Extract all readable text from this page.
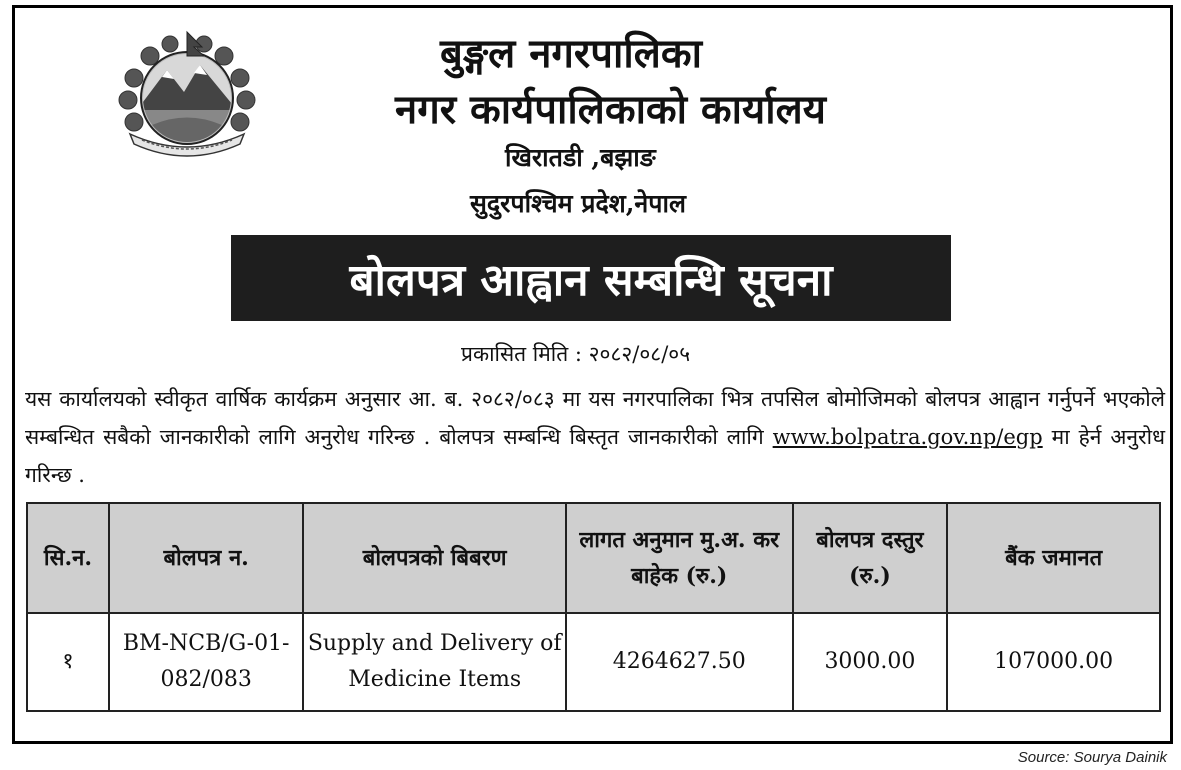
बुङ्गल नगरपालिका
नगर कार्यपालिकाको कार्यालय
खिरातडी ,बझाङ
सुदुरपश्चिम प्रदेश,नेपाल
बोलपत्र आह्वान सम्बन्धि सूचना
प्रकासित मिति : २०८२/०८/०५
यस कार्यालयको स्वीकृत वार्षिक कार्यक्रम अनुसार आ. ब. २०८२/०८३ मा यस नगरपालिका भित्र तपसिल बोमोजिमको बोलपत्र आह्वान गर्नुपर्ने भएकोले सम्बन्धित सबैको जानकारीको लागि अनुरोध गरिन्छ . बोलपत्र सम्बन्धि बिस्तृत जानकारीको लागि www.bolpatra.gov.np/egp मा हेर्न अनुरोध गरिन्छ .
सि.न.	बोलपत्र न.	बोलपत्रको बिबरण	लागत अनुमान मु.अ. कर बाहेक (रु.)	बोलपत्र दस्तुर (रु.)	बैंक जमानत
१	BM-NCB/G-01-082/083	Supply and Delivery of Medicine Items	4264627.50	3000.00	107000.00
Source: Sourya Dainik
